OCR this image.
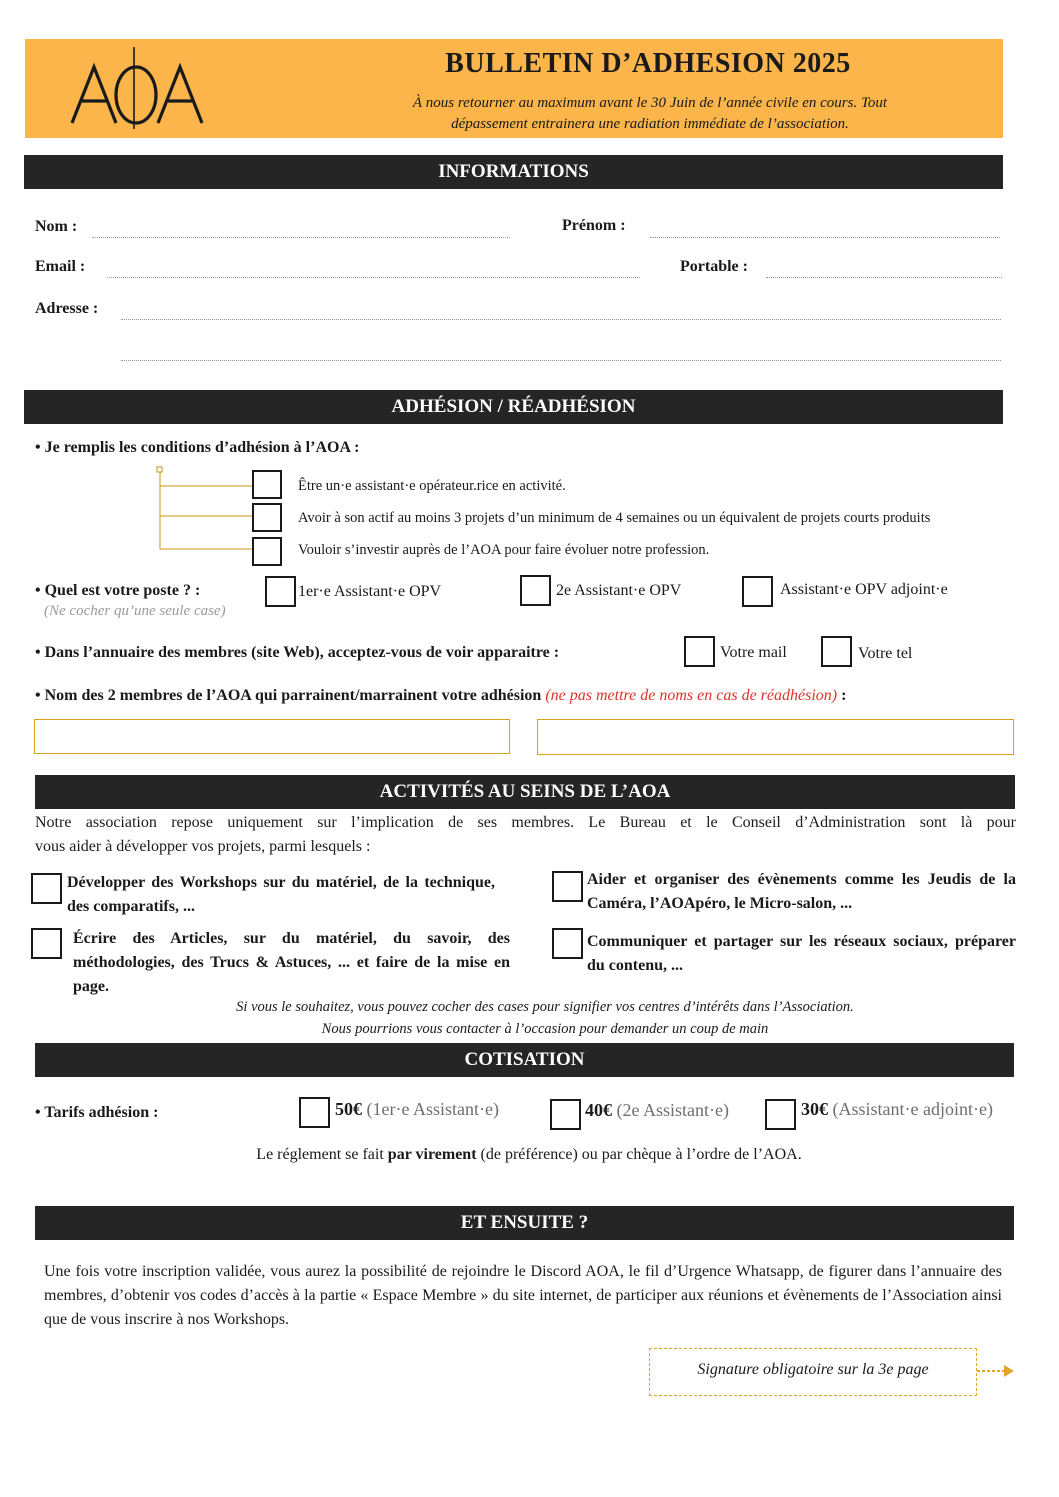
BULLETIN D’ADHESION 2025
À nous retourner au maximum avant le 30 Juin de l’année civile en cours. Tout
dépassement entrainera une radiation immédiate de l’association.
INFORMATIONS
Nom :	Prénom :
Email :	Portable :
Adresse :
ADHÉSION / RÉADHÉSION
• Je remplis les conditions d’adhésion à l’AOA :
Être un·e assistant·e opérateur.rice en activité.
Avoir à son actif au moins 3 projets d’un minimum de 4 semaines ou un équivalent de projets courts produits
Vouloir s’investir auprès de l’AOA pour faire évoluer notre profession.
• Quel est votre poste ? :
(Ne cocher qu’une seule case)
1er·e Assistant·e OPV	2e Assistant·e OPV	Assistant·e OPV adjoint·e
• Dans l’annuaire des membres (site Web), acceptez-vous de voir apparaitre :	Votre mail	Votre tel
• Nom des 2 membres de l’AOA qui parrainent/marrainent votre adhésion (ne pas mettre de noms en cas de réadhésion) :
ACTIVITÉS AU SEINS DE L’AOA
Notre association repose uniquement sur l’implication de ses membres. Le Bureau et le Conseil d’Administration sont là pour
vous aider à développer vos projets, parmi lesquels :
Développer des Workshops sur du matériel, de la technique, des comparatifs, ...
Aider et organiser des évènements comme les Jeudis de la Caméra, l’AOApéro, le Micro-salon, ...
Écrire des Articles, sur du matériel, du savoir, des méthodologies, des Trucs & Astuces, ... et faire de la mise en page.
Communiquer et partager sur les réseaux sociaux, préparer du contenu, ...
Si vous le souhaitez, vous pouvez cocher des cases pour signifier vos centres d’intérêts dans l’Association.
Nous pourrions vous contacter à l’occasion pour demander un coup de main
COTISATION
• Tarifs adhésion :	50€ (1er·e Assistant·e)	40€ (2e Assistant·e)	30€ (Assistant·e adjoint·e)
Le réglement se fait par virement (de préférence) ou par chèque à l’ordre de l’AOA.
ET ENSUITE ?
Une fois votre inscription validée, vous aurez la possibilité de rejoindre le Discord AOA, le fil d’Urgence Whatsapp, de figurer dans l’annuaire des membres, d’obtenir vos codes d’accès à la partie « Espace Membre » du site internet, de participer aux réunions et évènements de l’Association ainsi que de vous inscrire à nos Workshops.
Signature obligatoire sur la 3e page
